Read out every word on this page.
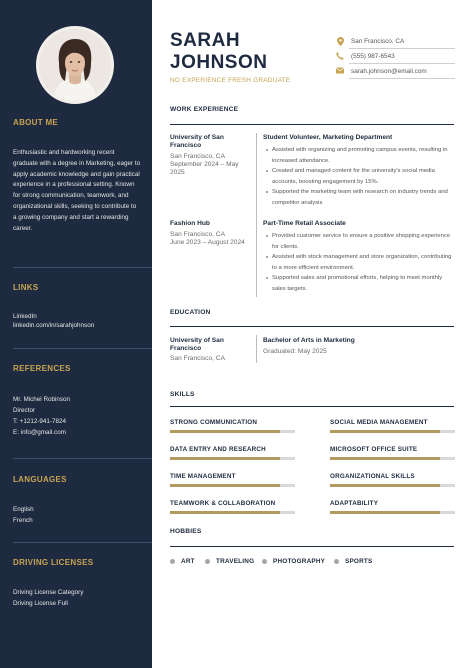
ABOUT ME
Enthusiastic and hardworking recent graduate with a degree in Marketing, eager to apply academic knowledge and gain practical experience in a professional setting. Known for strong communication, teamwork, and organizational skills, seeking to contribute to a growing company and start a rewarding career.
LINKS
LinkedIn
linkedin.com/in/sarahjohnson
REFERENCES
Mr. Michel Robinson
Director
T: +1212-941-7824
E: info@gmail.com
LANGUAGES
English
French
DRIVING LICENSES
Driving License Category
Driving License Full
SARAH
JOHNSON
NO EXPERIENCE FRESH GRADUATE
San Francisco, CA
(555) 987-6543
sarah.johnson@email.com
WORK EXPERIENCE
University of San Francisco
San Francisco, CA
September 2024 – May 2025
Student Volunteer, Marketing Department
Assisted with organizing and promoting campus events, resulting in increased attendance.
Created and managed content for the university's social media accounts, boosting engagement by 15%.
Supported the marketing team with research on industry trends and competitor analysis
Fashion Hub
San Francisco, CA
June 2023 – August 2024
Part-Time Retail Associate
Provided customer service to ensure a positive shopping experience for clients.
Assisted with stock management and store organization, contributing to a more efficient environment.
Supported sales and promotional efforts, helping to meet monthly sales targets.
EDUCATION
University of San Francisco
San Francisco, CA
Bachelor of Arts in Marketing
Graduated: May 2025
SKILLS
STRONG COMMUNICATION	SOCIAL MEDIA MANAGEMENT
DATA ENTRY AND RESEARCH	MICROSOFT OFFICE SUITE
TIME MANAGEMENT	ORGANIZATIONAL SKILLS
TEAMWORK & COLLABORATION	ADAPTABILITY
HOBBIES
ART	TRAVELING	PHOTOGRAPHY	SPORTS
